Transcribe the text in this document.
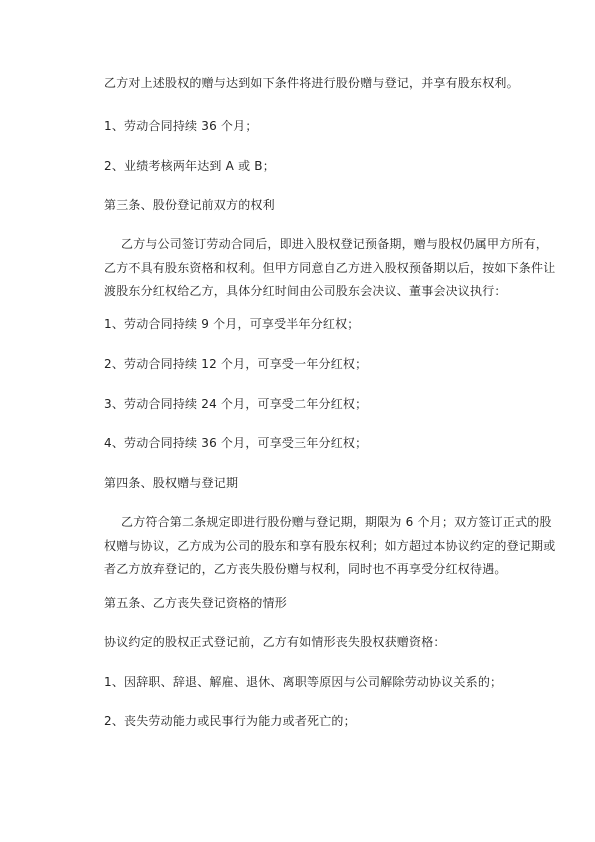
乙方对上述股权的赠与达到如下条件将进行股份赠与登记，并享有股东权利。
1、劳动合同持续 36 个月；
2、业绩考核两年达到 A 或 B；
第三条、股份登记前双方的权利
乙方与公司签订劳动合同后，即进入股权登记预备期，赠与股权仍属甲方所有，
乙方不具有股东资格和权利。但甲方同意自乙方进入股权预备期以后，按如下条件让
渡股东分红权给乙方，具体分红时间由公司股东会决议、董事会决议执行：
1、劳动合同持续 9 个月，可享受半年分红权；
2、劳动合同持续 12 个月，可享受一年分红权；
3、劳动合同持续 24 个月，可享受二年分红权；
4、劳动合同持续 36 个月，可享受三年分红权；
第四条、股权赠与登记期
乙方符合第二条规定即进行股份赠与登记期，期限为 6 个月；双方签订正式的股
权赠与协议，乙方成为公司的股东和享有股东权利；如方超过本协议约定的登记期或
者乙方放弃登记的，乙方丧失股份赠与权利，同时也不再享受分红权待遇。
第五条、乙方丧失登记资格的情形
协议约定的股权正式登记前，乙方有如情形丧失股权获赠资格：
1、因辞职、辞退、解雇、退休、离职等原因与公司解除劳动协议关系的；
2、丧失劳动能力或民事行为能力或者死亡的；
